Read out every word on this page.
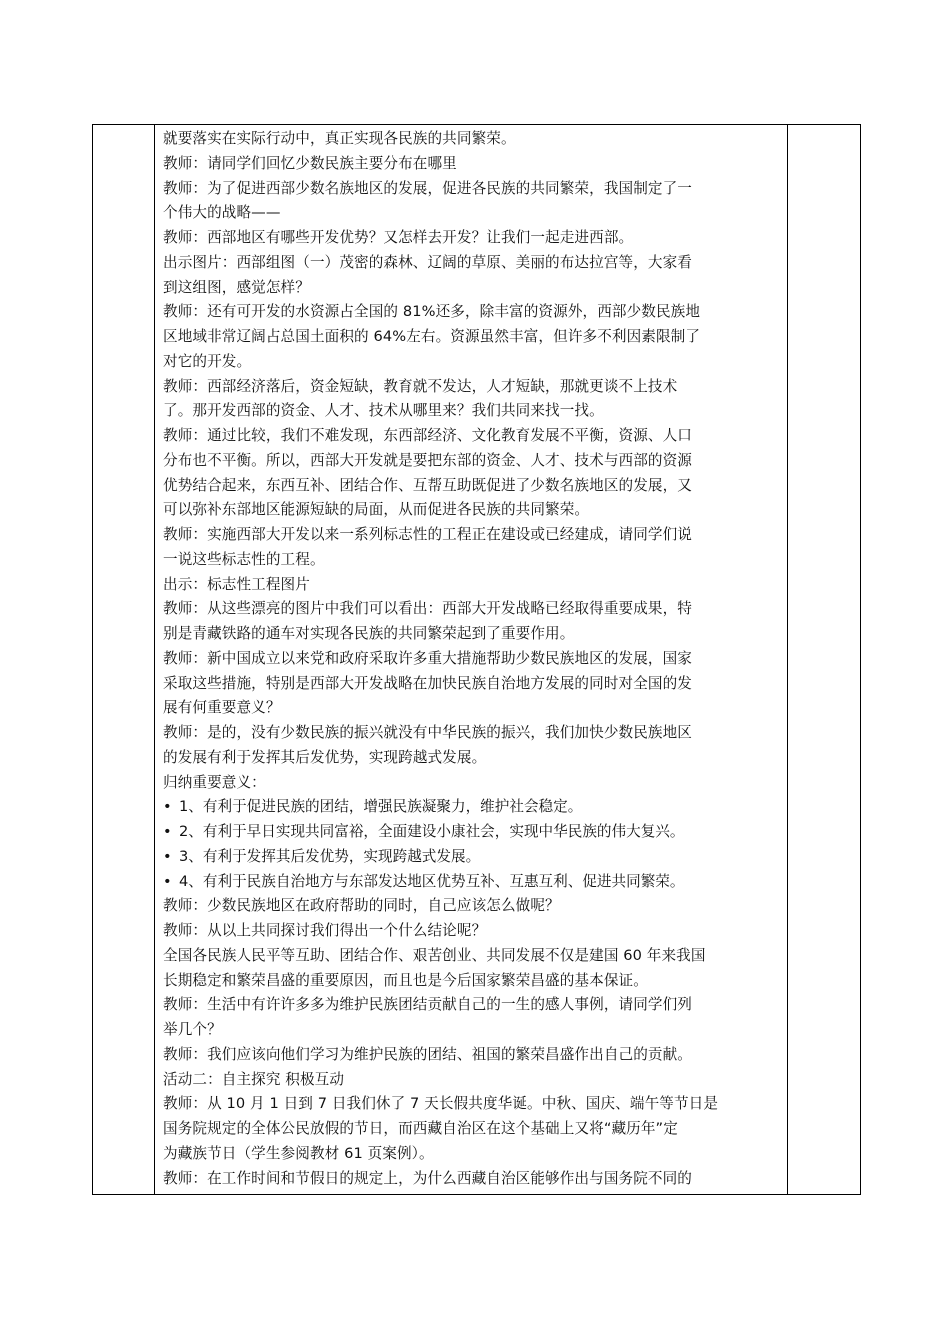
就要落实在实际行动中，真正实现各民族的共同繁荣。

教师：请同学们回忆少数民族主要分布在哪里

教师：为了促进西部少数名族地区的发展，促进各民族的共同繁荣，我国制定了一

个伟大的战略——

教师：西部地区有哪些开发优势？又怎样去开发？让我们一起走进西部。

出示图片：西部组图（一）茂密的森林、辽阔的草原、美丽的布达拉宫等，大家看

到这组图，感觉怎样？

教师：还有可开发的水资源占全国的 81%还多，除丰富的资源外，西部少数民族地

区地域非常辽阔占总国土面积的 64%左右。资源虽然丰富，但许多不利因素限制了

对它的开发。

教师：西部经济落后，资金短缺，教育就不发达，人才短缺，那就更谈不上技术

了。那开发西部的资金、人才、技术从哪里来？我们共同来找一找。

教师：通过比较，我们不难发现，东西部经济、文化教育发展不平衡，资源、人口

分布也不平衡。所以，西部大开发就是要把东部的资金、人才、技术与西部的资源

优势结合起来，东西互补、团结合作、互帮互助既促进了少数名族地区的发展，又

可以弥补东部地区能源短缺的局面，从而促进各民族的共同繁荣。

教师：实施西部大开发以来一系列标志性的工程正在建设或已经建成，请同学们说

一说这些标志性的工程。

出示：标志性工程图片

教师：从这些漂亮的图片中我们可以看出：西部大开发战略已经取得重要成果，特

别是青藏铁路的通车对实现各民族的共同繁荣起到了重要作用。

教师：新中国成立以来党和政府采取许多重大措施帮助少数民族地区的发展，国家

采取这些措施，特别是西部大开发战略在加快民族自治地方发展的同时对全国的发

展有何重要意义？

教师：是的，没有少数民族的振兴就没有中华民族的振兴，我们加快少数民族地区

的发展有利于发挥其后发优势，实现跨越式发展。

归纳重要意义：

• 1、有利于促进民族的团结，增强民族凝聚力，维护社会稳定。

• 2、有利于早日实现共同富裕，全面建设小康社会，实现中华民族的伟大复兴。

• 3、有利于发挥其后发优势，实现跨越式发展。

• 4、有利于民族自治地方与东部发达地区优势互补、互惠互利、促进共同繁荣。

教师：少数民族地区在政府帮助的同时，自己应该怎么做呢？

教师：从以上共同探讨我们得出一个什么结论呢？

全国各民族人民平等互助、团结合作、艰苦创业、共同发展不仅是建国 60 年来我国

长期稳定和繁荣昌盛的重要原因，而且也是今后国家繁荣昌盛的基本保证。

教师：生活中有许许多多为维护民族团结贡献自己的一生的感人事例，请同学们列

举几个？

教师：我们应该向他们学习为维护民族的团结、祖国的繁荣昌盛作出自己的贡献。

活动二：自主探究 积极互动

教师：从 10 月 1 日到 7 日我们休了 7 天长假共度华诞。中秋、国庆、端午等节日是

国务院规定的全体公民放假的节日，而西藏自治区在这个基础上又将“藏历年”定

为藏族节日（学生参阅教材 61 页案例）。

教师：在工作时间和节假日的规定上，为什么西藏自治区能够作出与国务院不同的
